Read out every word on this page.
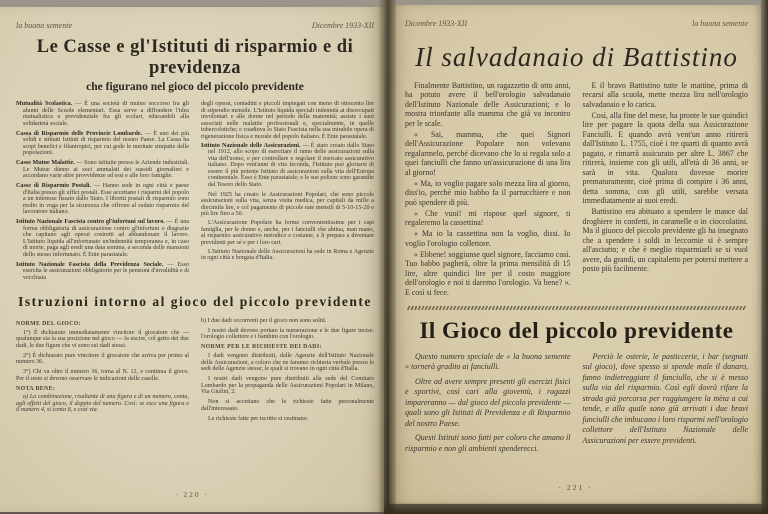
la buona semente	Dicembre 1933-XII
Le Casse e gl'Istituti di risparmio e di previdenza
che figurano nel gioco del piccolo previdente

Mutualità Scolastica. — È una società di mutuo soccorso fra gli alunni delle Scuole elementari. Essa serve a diffondere l'idea mutualistica e previdenziale fra gli scolari, educandoli alla solidarietà sociale.

Cassa di Risparmio delle Provincie Lombarde. — È uno dei più solidi e stimati Istituti di risparmio del nostro Paese. La Cassa ha scopi benefici e filantropici, per cui gode le meritate simpatie delle popolazioni.

Casse Mutue Malattie. — Sono istituite presso le Aziende industriali. Le Mutue dànno ai soci ammalati dei sussidi giornalieri e accordano varie altre provvidenze ad essi e alle loro famiglie.

Casse di Risparmio Postali. — Hanno sede in ogni città e paese d'Italia presso gli uffici postali. Esse accettano i risparmi del popolo a un interesse fissato dallo Stato. I libretti postali di risparmio sono molto in voga per la sicurezza che offrono al sudato risparmio del lavoratore italiano.

Istituto Nazionale Fascista contro gl'infortuni sul lavoro. — È una forma obbligatoria di assicurazione contro gl'infortuni o disgrazie che capitano agli operai costretti ad abbandonare il lavoro. L'Istituto liquida all'infortunato un'indennità temporanea e, in caso di morte, paga agli eredi una data somma, a seconda delle mansioni dello stesso infortunato. È Ente parastatale.

Istituto Nazionale Fascista della Previdenza Sociale. — Esso esercita le assicurazioni obbligatorie per le pensioni d'invalidità e di vecchiaia

degli operai, contadini e piccoli impiegati con meno di ottocento lire di stipendio mensile. L'Istituto liquida speciali indennità ai disoccupati involontari e alle donne nel periodo della maternità; assiste i suoi associati nelle malattie professionali e, specialmente, in quelle tubercolotiche; e coadiuva lo Stato Fascista nella sua mirabile opera di rigenerazione fisica e morale del popolo italiano. È Ente parastatale.

Istituto Nazionale delle Assicurazioni. — È stato creato dallo Stato nel 1912, allo scopo di esercitare il ramo delle assicurazioni sulla vita dell'uomo, e per controllare e regolare il mercato assicurativo italiano. Dopo vent'anni di vita feconda, l'Istituto può gloriarsi di essere il più potente Istituto di assicurazioni sulla vita dell'Europa continentale. Esso è Ente parastatale; e le sue polizze sono garantite dal Tesoro dello Stato.

Nel 1925 ha creato le Assicurazioni Popolari, che sono piccole assicurazioni sulla vita, senza visita medica, per capitali da mille a diecimila lire, e col pagamento di piccole rate mensili di 5-10-15-20 e più lire fino a 50.

L'Assicurazione Popolare ha forme convenientissime per i capi famiglia, per le donne e, anche, per i fanciulli che abitua, man mano, al risparmio assicurativo metodico e costante, e li prepara a diventare previdenti per sé e per i loro cari.

L'Istituto Nazionale delle Assicurazioni ha sede in Roma e Agenzie in ogni città e borgata d'Italia.

Istruzioni intorno al gioco del piccolo previdente

NORME DEL GIOCO:

1°) È dichiarato immediatamente vincitore il giocatore che — qualunque sia la sua posizione nel gioco — fa uscire, col getto dei due dadi, le due figure che vi sono sui dadi stessi.

2°) È dichiarato pure vincitore il giocatore che arriva per primo al numero 36.

3°) Chi va oltre il numero 36, torna al N. 12, e continua il gioco. Per il resto si devono osservare le indicazioni delle caselle.

NOTA BENE:

a) La combinazione, risultante di una figura e di un numero, conta, agli effetti del gioco, il doppio del numero. Così: se esce una figura e il numero 4, si conta 8, e così via.

b) I due dadi occorrenti per il gioco non sono soliti.

I nostri dadi devono portare la numerazione e le due figure incise: l'orologio collettore e i bambini con l'orologio.

NORME PER LE RICHIESTE DEI DADI:

I dadi vengono distribuiti, dalle Agenzie dell'Istituto Nazionale delle Assicurazioni, a coloro che ne faranno richiesta verbale presso le sedi delle Agenzie stesse; le quali si trovano in ogni città d'Italia.

I nostri dadi vengono pure distribuiti alla sede del Comitato Lombardo per la propaganda delle Assicurazioni Popolari in Milano, Via Giulini, 2.

Non si accettano che le richieste fatte personalmente dall'interessato.

Le richieste fatte per iscritto si cestinano.

· 220 ·
Dicembre 1933-XII	la buona semente
Il salvadanaio di Battistino

Finalmente Battistino, un ragazzetto di otto anni, ha potuto avere il bell'orologio salvadanaio dell'Istituto Nazionale delle Assicurazioni; e lo mostra trionfante alla mamma che già va incontro per le scale.

« Sai, mamma, che quei Signori dell'Assicurazione Popolare non volevano regalarmelo, perché dicevano che lo si regala solo a quei fanciulli che fanno un'assicurazione di una lira al giorno!

« Ma, io voglio pagare solo mezza lira al giorno, diss'io, perché mio babbo fa il parrucchiere e non può spendere di più.

« Che vuoi! mi rispose quel signore, ti regaleremo la cassettina!

« Ma io la cassettina non la voglio, dissi. Io voglio l'orologio collettore.

« Ebbene! soggiunse quel signore, facciamo così. Tuo babbo pagherà, oltre la prima mensilità di 15 lire, altre quindici lire per il costo maggiore dell'orologio e noi ti daremo l'orologio. Va bene? ». E così si fece.

E il bravo Battistino tutte le mattine, prima di recarsi alla scuola, mette mezza lira nell'orologio salvadanaio e lo carica.

Così, alla fine del mese, ha pronte le sue quindici lire per pagare la quota della sua Assicurazione Fanciulli. E quando avrà vent'un anno ritirerà dall'Istituto L. 1755, cioè i tre quarti di quanto avrà pagato, e rimarrà assicurato per altre L. 3867 che ritirerà, insieme con gli utili, all'età di 36 anni, se sarà in vita. Qualora dovesse morire prematuramente, cioè prima di compire i 36 anni, detta somma, con gli utili, sarebbe versata immediatamente ai suoi eredi.

Battistino era abituato a spendere le mance dal droghiere in confetti, in caramelle o in cioccolatini. Ma il giuoco del piccolo previdente gli ha insegnato che a spendere i soldi in leccornie si è sempre all'asciutto; e che è meglio risparmiarli se si vuol avere, da grandi, un capitaletto per potersi mettere a posto più facilmente.

Il Gioco del piccolo previdente

Questo numero speciale de « la buona semente » tornerà gradito ai fanciulli.

Oltre ad avere sempre presenti gli esercizi fisici e sportivi, così cari alla gioventù, i ragazzi impareranno — dal gioco del piccolo previdente — quali sono gli Istituti di Previdenza e di Risparmio del nostro Paese.

Questi Istituti sono fatti per coloro che amano il risparmio e non gli ambienti spenderecci.

Perciò le osterie, le pasticcerie, i bar (segnati sul gioco), dove spesso si spende male il danaro, fanno indietreggiare il fanciullo, che si è messo sulla via del risparmio. Così egli dovrà rifare la strada già percorsa per raggiungere la mèta a cui tende, e alla quale sono già arrivati i due bravi fanciulli che imbucano i loro risparmi nell'orologio collettore dell'Istituto Nazionale delle Assicurazioni per essere previdenti.

· 221 ·
